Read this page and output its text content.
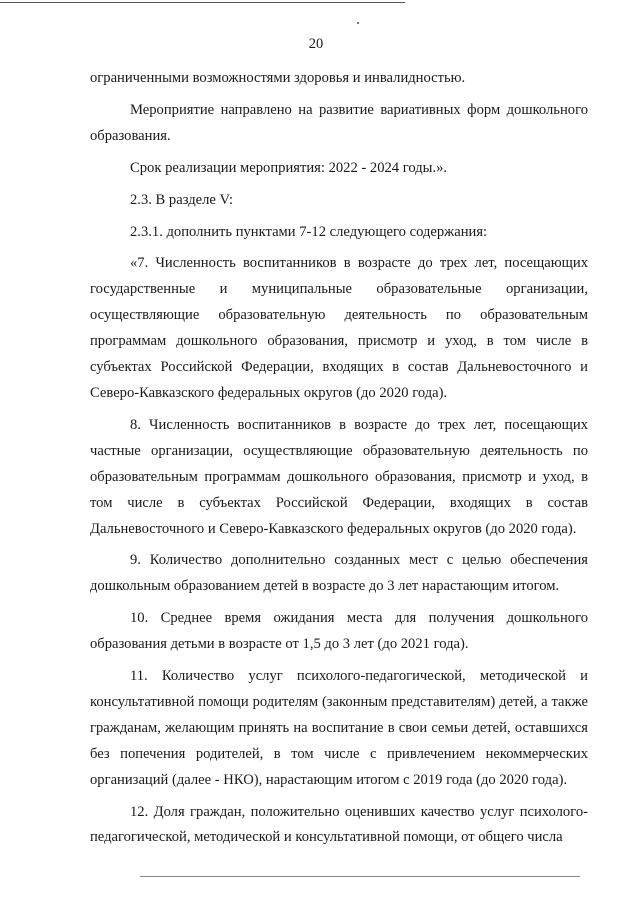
20

ограниченными возможностями здоровья и инвалидностью.

Мероприятие направлено на развитие вариативных форм дошкольного образования.

Срок реализации мероприятия: 2022 - 2024 годы.».

2.3. В разделе V:

2.3.1. дополнить пунктами 7-12 следующего содержания:

«7. Численность воспитанников в возрасте до трех лет, посещающих государственные и муниципальные образовательные организации, осуществляющие образовательную деятельность по образовательным программам дошкольного образования, присмотр и уход, в том числе в субъектах Российской Федерации, входящих в состав Дальневосточного и Северо-Кавказского федеральных округов (до 2020 года).

8. Численность воспитанников в возрасте до трех лет, посещающих частные организации, осуществляющие образовательную деятельность по образовательным программам дошкольного образования, присмотр и уход, в том числе в субъектах Российской Федерации, входящих в состав Дальневосточного и Северо-Кавказского федеральных округов (до 2020 года).

9. Количество дополнительно созданных мест с целью обеспечения дошкольным образованием детей в возрасте до 3 лет нарастающим итогом.

10. Среднее время ожидания места для получения дошкольного образования детьми в возрасте от 1,5 до 3 лет (до 2021 года).

11. Количество услуг психолого-педагогической, методической и консультативной помощи родителям (законным представителям) детей, а также гражданам, желающим принять на воспитание в свои семьи детей, оставшихся без попечения родителей, в том числе с привлечением некоммерческих организаций (далее - НКО), нарастающим итогом с 2019 года (до 2020 года).

12. Доля граждан, положительно оценивших качество услуг психолого-педагогической, методической и консультативной помощи, от общего числа
